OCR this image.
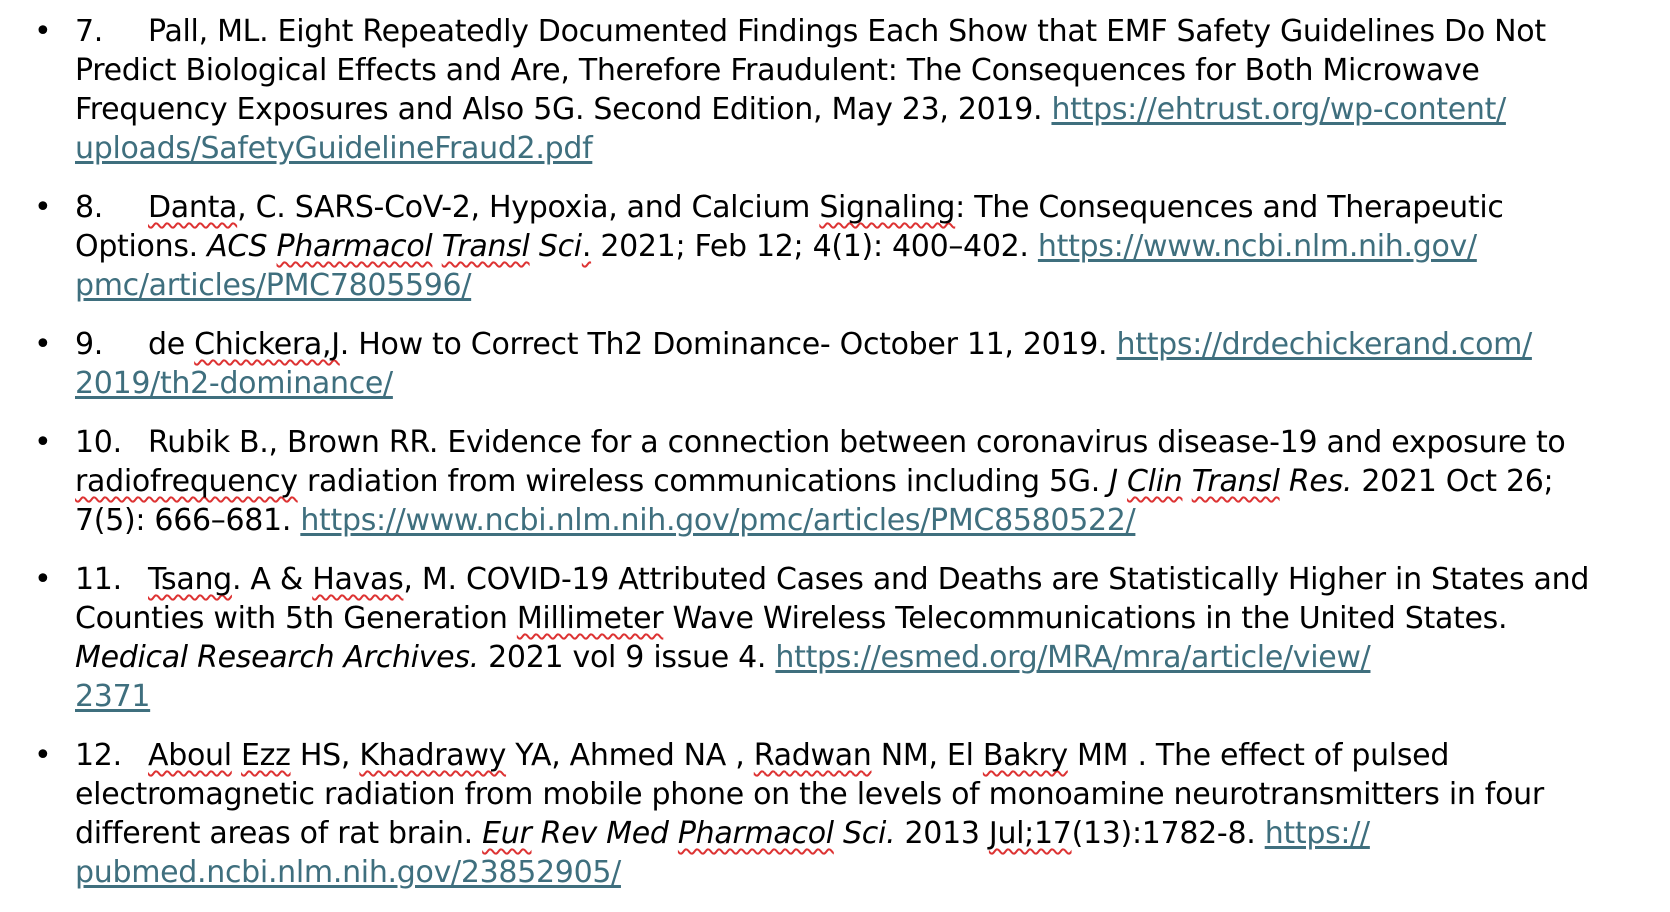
• 7. Pall, ML. Eight Repeatedly Documented Findings Each Show that EMF Safety Guidelines Do Not Predict Biological Effects and Are, Therefore Fraudulent: The Consequences for Both Microwave Frequency Exposures and Also 5G. Second Edition, May 23, 2019. https://ehtrust.org/wp-content/
uploads/SafetyGuidelineFraud2.pdf
• 8. Danta, C. SARS-CoV-2, Hypoxia, and Calcium Signaling: The Consequences and Therapeutic Options. ACS Pharmacol Transl Sci. 2021; Feb 12; 4(1): 400–402. https://www.ncbi.nlm.nih.gov/
pmc/articles/PMC7805596/
• 9. de Chickera,J. How to Correct Th2 Dominance- October 11, 2019. https://drdechickerand.com/
2019/th2-dominance/
• 10. Rubik B., Brown RR. Evidence for a connection between coronavirus disease-19 and exposure to radiofrequency radiation from wireless communications including 5G. J Clin Transl Res. 2021 Oct 26; 7(5): 666–681. https://www.ncbi.nlm.nih.gov/pmc/articles/PMC8580522/
• 11. Tsang. A & Havas, M. COVID-19 Attributed Cases and Deaths are Statistically Higher in States and Counties with 5th Generation Millimeter Wave Wireless Telecommunications in the United States. Medical Research Archives. 2021 vol 9 issue 4. https://esmed.org/MRA/mra/article/view/
2371
• 12. Aboul Ezz HS, Khadrawy YA, Ahmed NA , Radwan NM, El Bakry MM . The effect of pulsed electromagnetic radiation from mobile phone on the levels of monoamine neurotransmitters in four different areas of rat brain. Eur Rev Med Pharmacol Sci. 2013 Jul;17(13):1782-8. https://
pubmed.ncbi.nlm.nih.gov/23852905/
